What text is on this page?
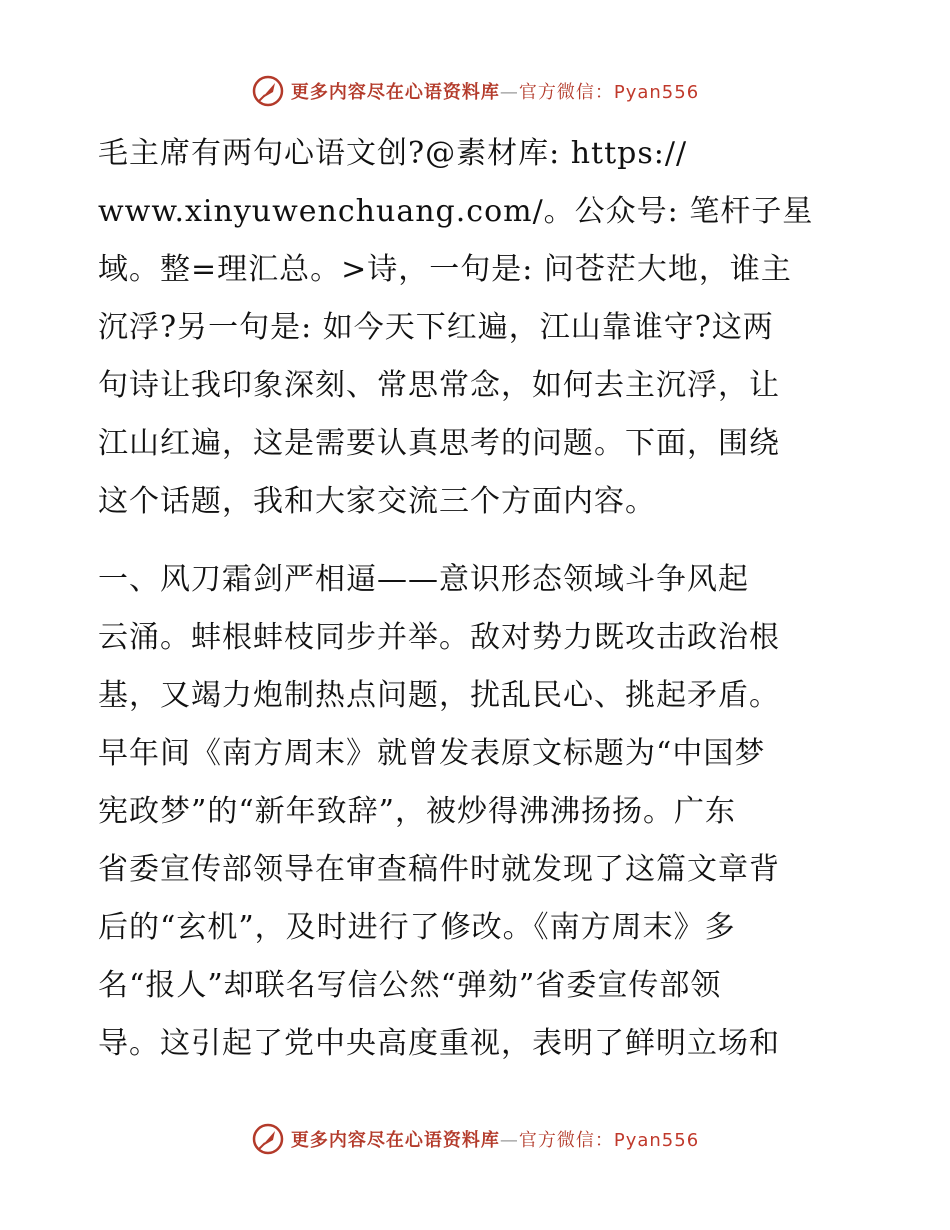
更多内容尽在心语资料库—官方微信：Pyan556
毛主席有两句心语文创?@素材库: https://
www.xinyuwenchuang.com/。公众号: 笔杆子星
域。整=理汇总。>诗，一句是: 问苍茫大地，谁主
沉浮?另一句是: 如今天下红遍，江山靠谁守?这两
句诗让我印象深刻、常思常念，如何去主沉浮，让
江山红遍，这是需要认真思考的问题。下面，围绕
这个话题，我和大家交流三个方面内容。
一、风刀霜剑严相逼——意识形态领域斗争风起
云涌。蚌根蚌枝同步并举。敌对势力既攻击政治根
基，又竭力炮制热点问题，扰乱民心、挑起矛盾。
早年间《南方周末》就曾发表原文标题为“中国梦
宪政梦”的“新年致辞”，被炒得沸沸扬扬。广东
省委宣传部领导在审查稿件时就发现了这篇文章背
后的“玄机”，及时进行了修改。《南方周末》多
名“报人”却联名写信公然“弹劾”省委宣传部领
导。这引起了党中央高度重视，表明了鲜明立场和
更多内容尽在心语资料库—官方微信：Pyan556
